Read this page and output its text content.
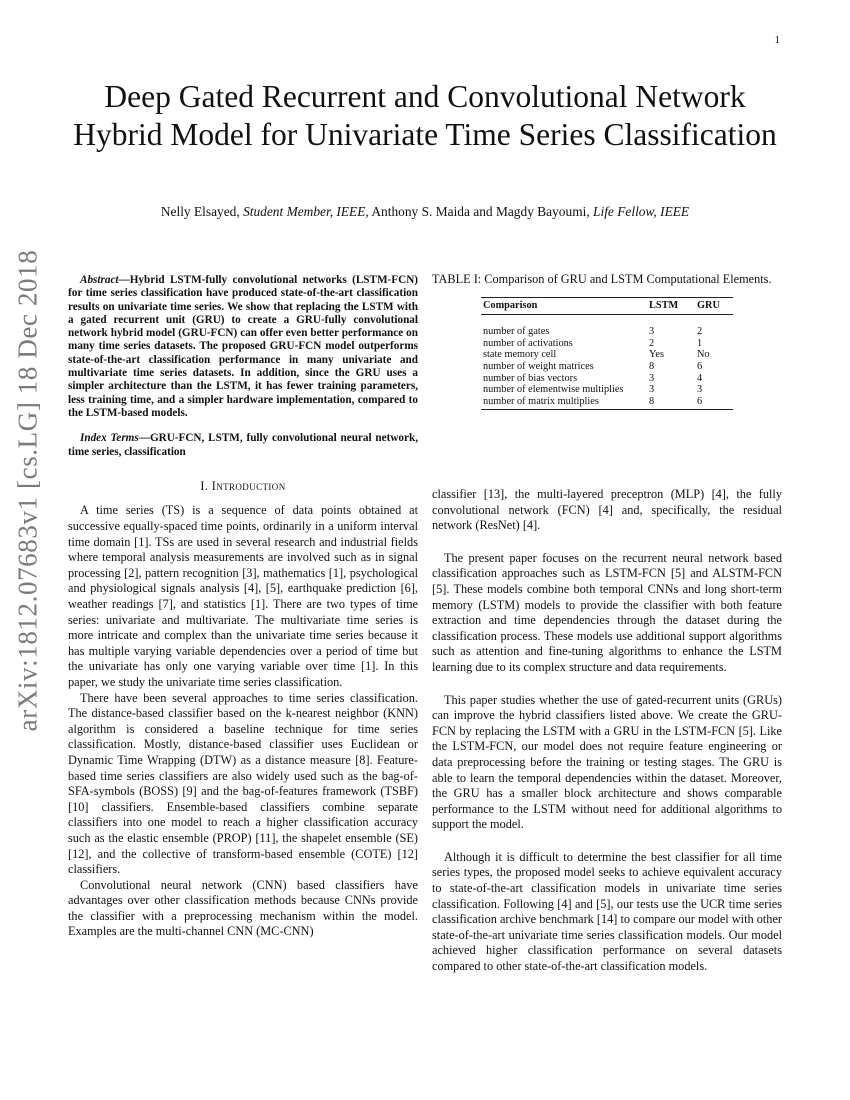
1
arXiv:1812.07683v1 [cs.LG] 18 Dec 2018
Deep Gated Recurrent and Convolutional Network Hybrid Model for Univariate Time Series Classification
Nelly Elsayed, Student Member, IEEE, Anthony S. Maida and Magdy Bayoumi, Life Fellow, IEEE

Abstract—Hybrid LSTM-fully convolutional networks (LSTM-FCN) for time series classification have produced state-of-the-art classification results on univariate time series. We show that replacing the LSTM with a gated recurrent unit (GRU) to create a GRU-fully convolutional network hybrid model (GRU-FCN) can offer even better performance on many time series datasets. The proposed GRU-FCN model outperforms state-of-the-art classification performance in many univariate and multivariate time series datasets. In addition, since the GRU uses a simpler architecture than the LSTM, it has fewer training parameters, less training time, and a simpler hardware implementation, compared to the LSTM-based models.

Index Terms—GRU-FCN, LSTM, fully convolutional neural network, time series, classification

I. Introduction

A time series (TS) is a sequence of data points obtained at successive equally-spaced time points, ordinarily in a uniform interval time domain [1]. TSs are used in several research and industrial fields where temporal analysis measurements are involved such as in signal processing [2], pattern recognition [3], mathematics [1], psychological and physiological signals analysis [4], [5], earthquake prediction [6], weather readings [7], and statistics [1]. There are two types of time series: univariate and multivariate. The multivariate time series is more intricate and complex than the univariate time series because it has multiple varying variable dependencies over a period of time but the univariate has only one varying variable over time [1]. In this paper, we study the univariate time series classification.

There have been several approaches to time series classification. The distance-based classifier based on the k-nearest neighbor (KNN) algorithm is considered a baseline technique for time series classification. Mostly, distance-based classifier uses Euclidean or Dynamic Time Wrapping (DTW) as a distance measure [8]. Feature-based time series classifiers are also widely used such as the bag-of-SFA-symbols (BOSS) [9] and the bag-of-features framework (TSBF) [10] classifiers. Ensemble-based classifiers combine separate classifiers into one model to reach a higher classification accuracy such as the elastic ensemble (PROP) [11], the shapelet ensemble (SE) [12], and the collective of transform-based ensemble (COTE) [12] classifiers.

Convolutional neural network (CNN) based classifiers have advantages over other classification methods because CNNs provide the classifier with a preprocessing mechanism within the model. Examples are the multi-channel CNN (MC-CNN)

TABLE I: Comparison of GRU and LSTM Computational Elements.

Comparison	LSTM	GRU
number of gates	3	2
number of activations	2	1
state memory cell	Yes	No
number of weight matrices	8	6
number of bias vectors	3	4
number of elementwise multiplies	3	3
number of matrix multiplies	8	6

classifier [13], the multi-layered preceptron (MLP) [4], the fully convolutional network (FCN) [4] and, specifically, the residual network (ResNet) [4].

The present paper focuses on the recurrent neural network based classification approaches such as LSTM-FCN [5] and ALSTM-FCN [5]. These models combine both temporal CNNs and long short-term memory (LSTM) models to provide the classifier with both feature extraction and time dependencies through the dataset during the classification process. These models use additional support algorithms such as attention and fine-tuning algorithms to enhance the LSTM learning due to its complex structure and data requirements.

This paper studies whether the use of gated-recurrent units (GRUs) can improve the hybrid classifiers listed above. We create the GRU-FCN by replacing the LSTM with a GRU in the LSTM-FCN [5]. Like the LSTM-FCN, our model does not require feature engineering or data preprocessing before the training or testing stages. The GRU is able to learn the temporal dependencies within the dataset. Moreover, the GRU has a smaller block architecture and shows comparable performance to the LSTM without need for additional algorithms to support the model.

Although it is difficult to determine the best classifier for all time series types, the proposed model seeks to achieve equivalent accuracy to state-of-the-art classification models in univariate time series classification. Following [4] and [5], our tests use the UCR time series classification archive benchmark [14] to compare our model with other state-of-the-art univariate time series classification models. Our model achieved higher classification performance on several datasets compared to other state-of-the-art classification models.
